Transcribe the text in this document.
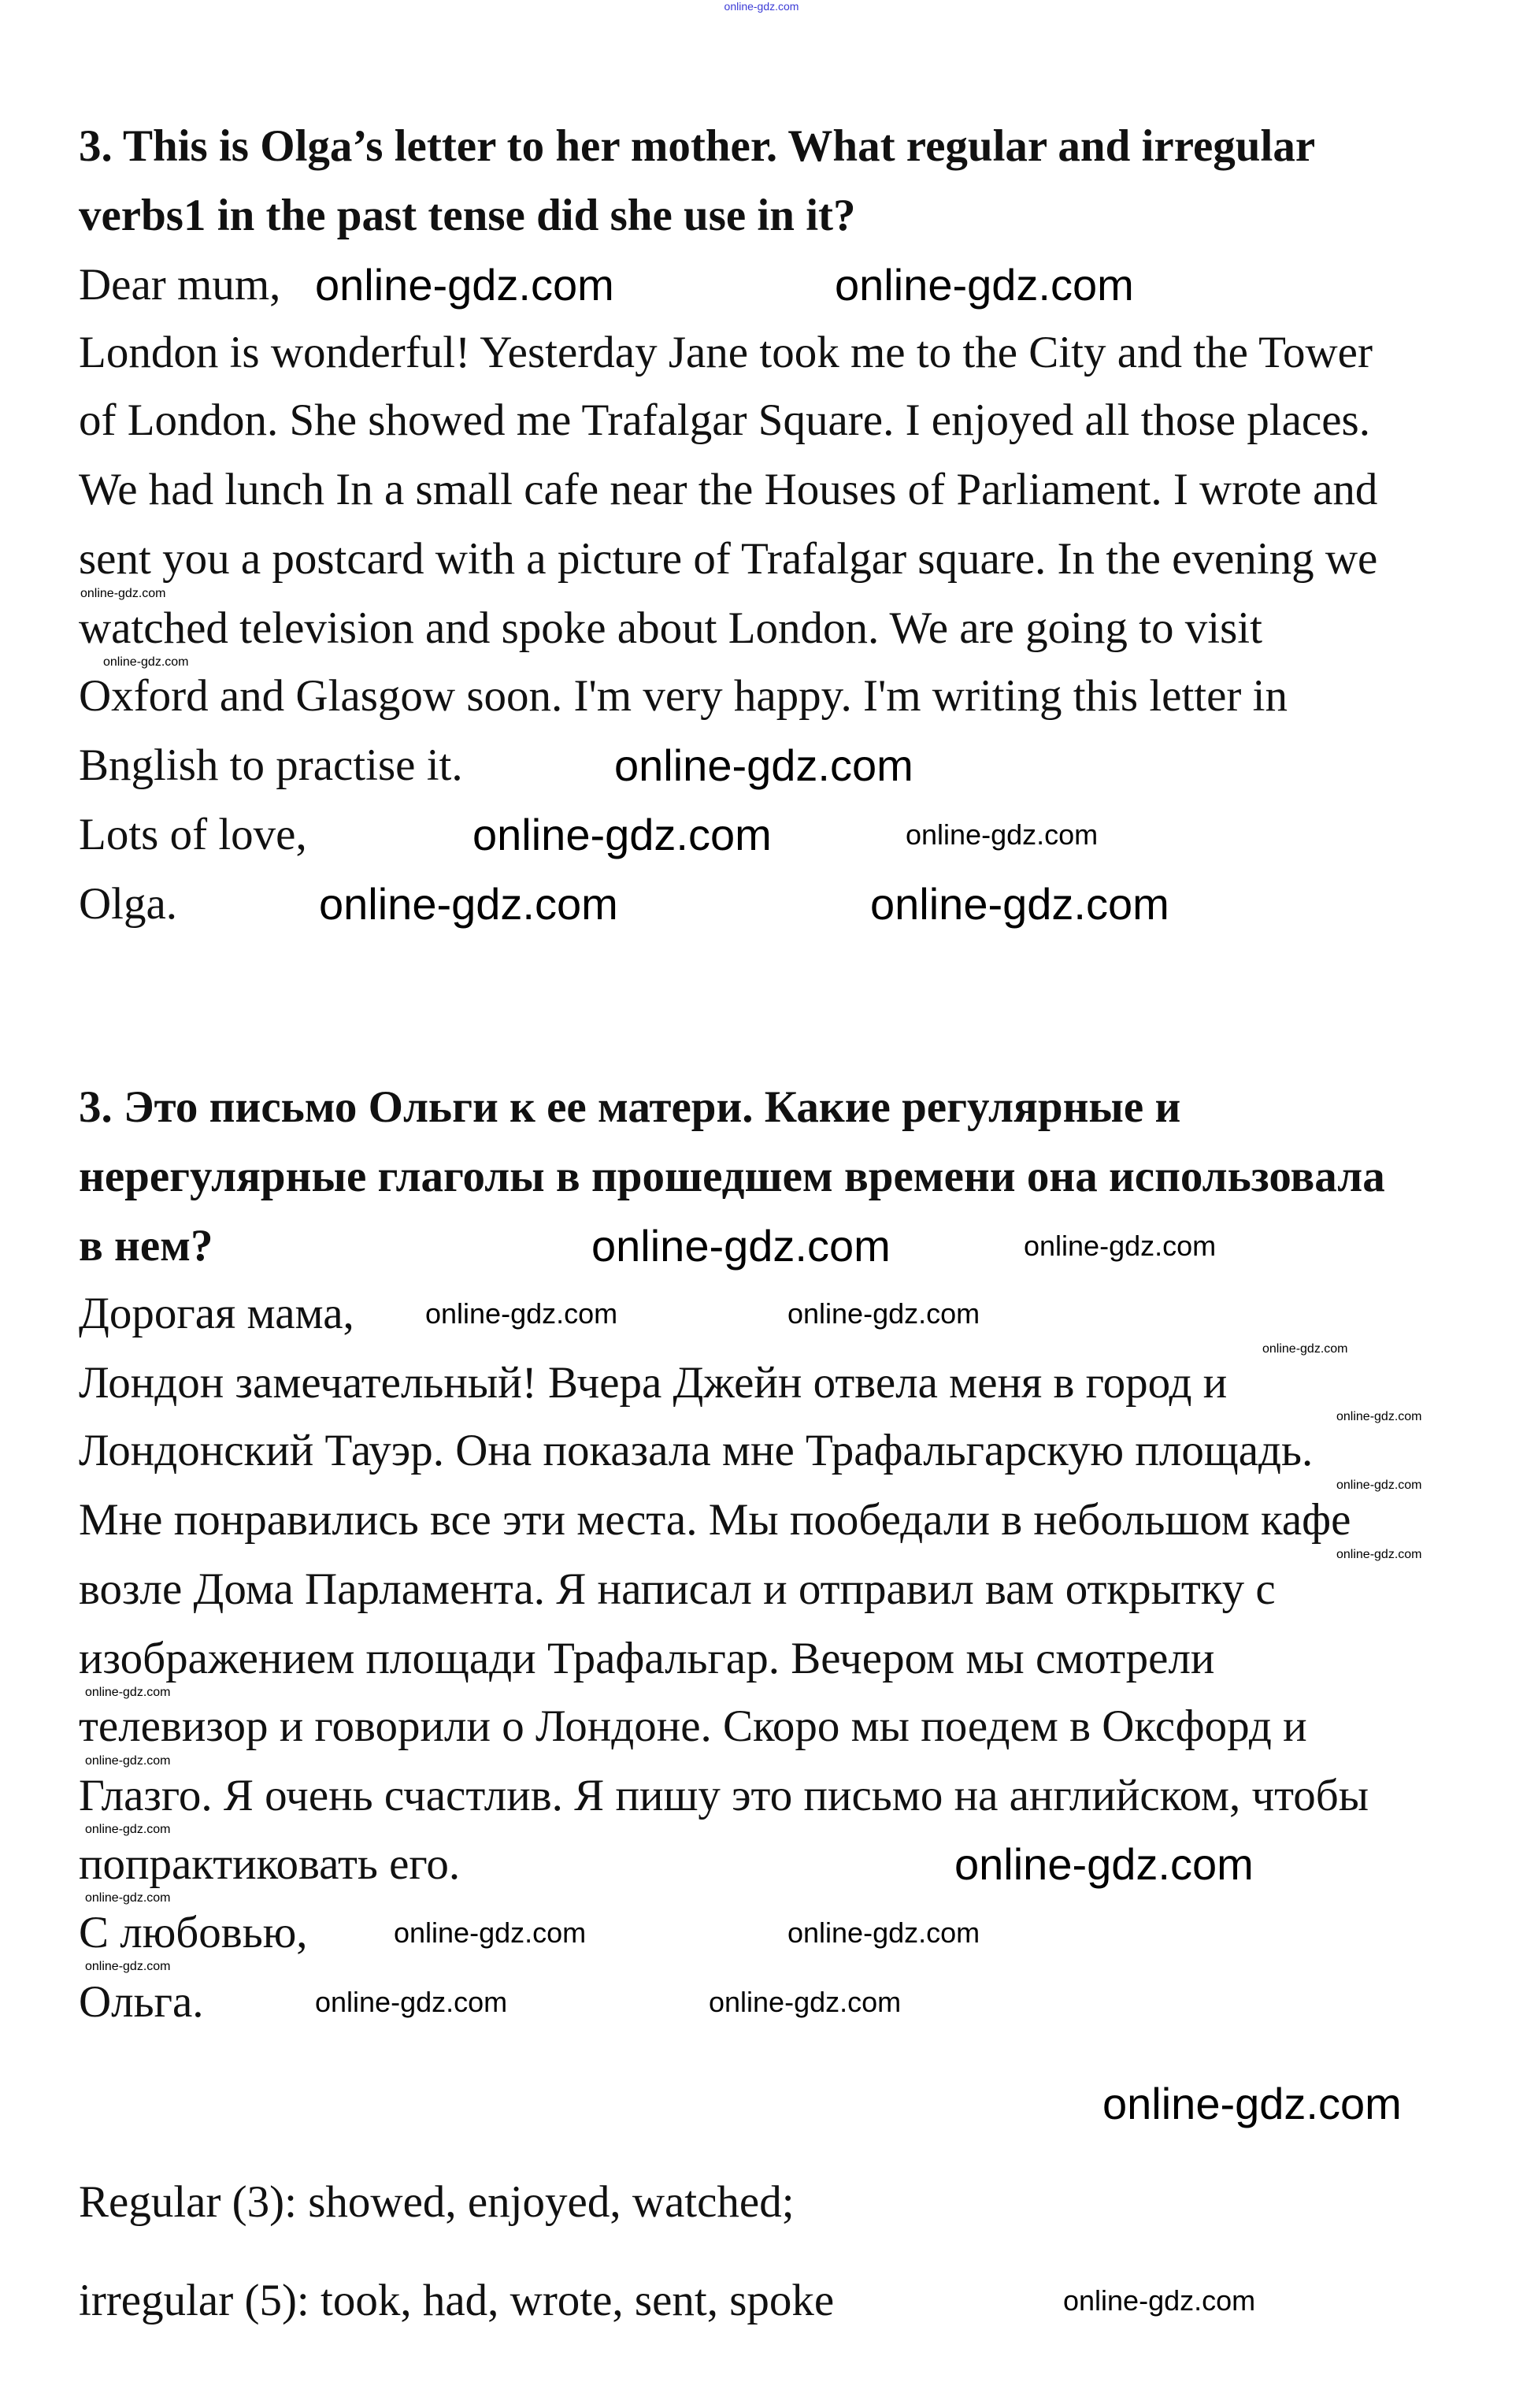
online-gdz.com
3. This is Olga’s letter to her mother. What regular and irregular
verbs1 in the past tense did she use in it?
Dear mum,
London is wonderful! Yesterday Jane took me to the City and the Tower
of London. She showed me Trafalgar Square. I enjoyed all those places.
We had lunch In a small cafe near the Houses of Parliament. I wrote and
sent you a postcard with a picture of Trafalgar square. In the evening we
watched television and spoke about London. We are going to visit
Oxford and Glasgow soon. I'm very happy. I'm writing this letter in
Bnglish to practise it.
Lots of love,
Olga.
3. Это письмо Ольги к ее матери. Какие регулярные и
нерегулярные глаголы в прошедшем времени она использовала
в нем?
Дорогая мама,
Лондон замечательный! Вчера Джейн отвела меня в город и
Лондонский Тауэр. Она показала мне Трафальгарскую площадь.
Мне понравились все эти места. Мы пообедали в небольшом кафе
возле Дома Парламента. Я написал и отправил вам открытку с
изображением площади Трафальгар. Вечером мы смотрели
телевизор и говорили о Лондоне. Скоро мы поедем в Оксфорд и
Глазго. Я очень счастлив. Я пишу это письмо на английском, чтобы
попрактиковать его.
С любовью,
Ольга.
Regular (3): showed, enjoyed, watched;
irregular (5): took, had, wrote, sent, spoke
online-gdz.com	online-gdz.com
online-gdz.com
online-gdz.com
online-gdz.com	online-gdz.com
online-gdz.com
online-gdz.com
online-gdz.com
online-gdz.com
online-gdz.com
online-gdz.com	online-gdz.com
online-gdz.com	online-gdz.com
online-gdz.com	online-gdz.com
online-gdz.com
online-gdz.com
online-gdz.com
online-gdz.com
online-gdz.com
online-gdz.com
online-gdz.com
online-gdz.com
online-gdz.com
online-gdz.com
online-gdz.com
online-gdz.com
